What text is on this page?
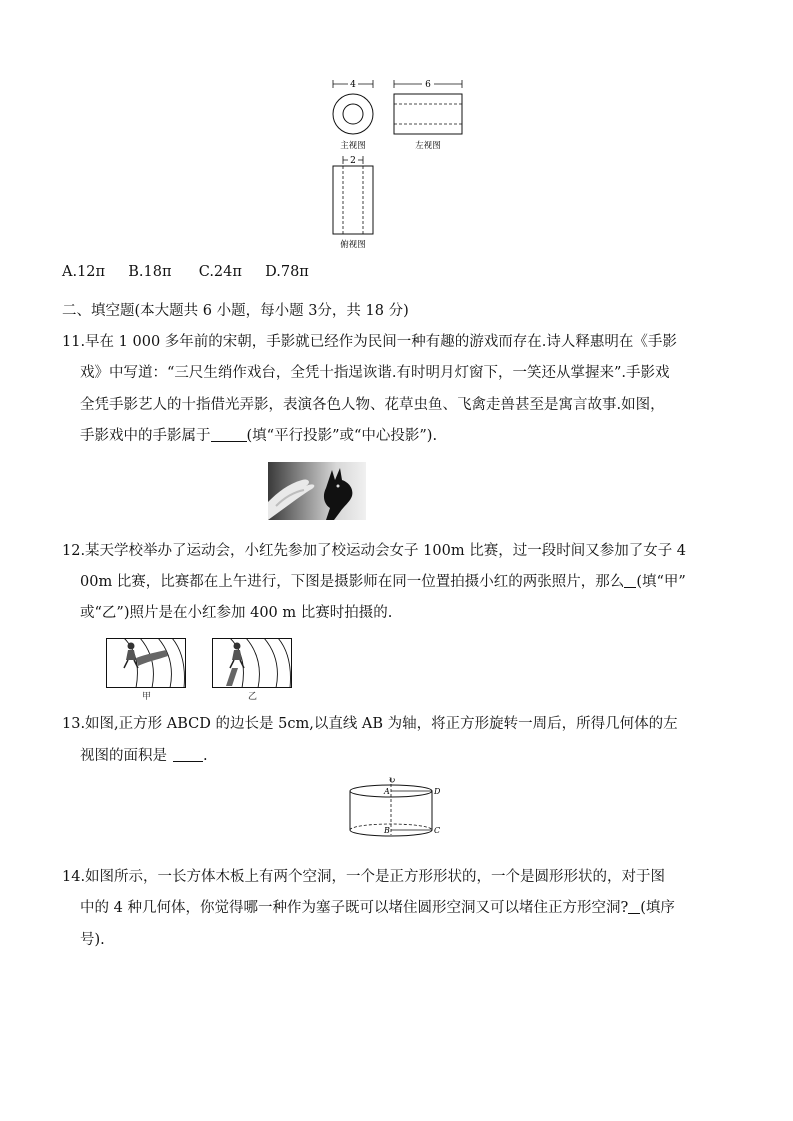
4
主视图
6
左视图
2
俯视图
A.12π B.18π C.24π D.78π
二、填空题(本大题共 6 小题，每小题 3分，共 18 分)
11.早在 1 000 多年前的宋朝，手影就已经作为民间一种有趣的游戏而存在.诗人释惠明在《手影
戏》中写道：“三尺生绡作戏台，全凭十指逞诙谐.有时明月灯窗下，一笑还从掌握来”.手影戏
全凭手影艺人的十指借光弄影，表演各色人物、花草虫鱼、飞禽走兽甚至是寓言故事.如图，
手影戏中的手影属于 (填“平行投影”或“中心投影”).
12.某天学校举办了运动会，小红先参加了校运动会女子 100m 比赛，过一段时间又参加了女子 4
00m 比赛，比赛都在上午进行，下图是摄影师在同一位置拍摄小红的两张照片，那么 (填“甲”
或“乙”)照片是在小红参加 400 m 比赛时拍摄的.
甲	乙
13.如图,正方形 ABCD 的边长是 5cm,以直线 AB 为轴，将正方形旋转一周后，所得几何体的左
视图的面积是 .
↻
A
B
D
C
14.如图所示，一长方体木板上有两个空洞，一个是正方形形状的，一个是圆形形状的，对于图
中的 4 种几何体，你觉得哪一种作为塞子既可以堵住圆形空洞又可以堵住正方形空洞? (填序
号).
